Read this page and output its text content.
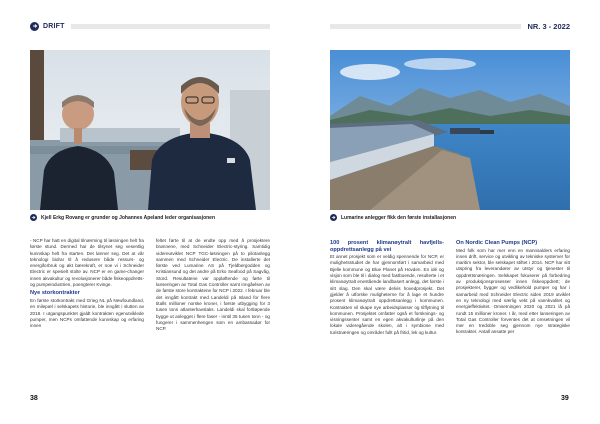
DRIFT
Kjell Erkg Rovang er grunder og Johannes Apeland leder organisasjonen

- NCP har hatt en digital tilnærming til løsningen helt fra første stund. Dermed har de tilsynet seg vesentlig kunnskap helt fra starten. Det lønner seg. Det at vår teknologi bidrar til å redusere både ressurs- og energiforbruk og økt bærekraft, er noe vi i Schneider Electric er spesielt stolte av. NCP er en game-changer innen akvakultur og revolusjonerer både fiskeoppdretts- og pumpeindustrien, poengterer Kvinge.

Nye storkontrakter

En første storkontrakt med Grieg NL på Newfoundland, en milepæl i selskapets historie, ble inngått i slutten av 2018. I utgangspunktet gjaldt kontrakten egenutviklede pumper, men NCPs omfattende kunnskap og erfaring innen

feltet førte til at de endte opp med å prosjektere brønnene, med Schneider Electric-styring. Samtidig videreutviklet NCP TGC-løsningen på to pilotanlegg sammen med Schneider Electric. De installerte det første ved Lumarine AS på Tjeldbergodden og Kristiansund og det andre på Erko Seafood på Sagvåg, Stord. Resultatene var oppløftende og førte til lanseringen av Total Gas Controller samt inngåelsen av de første store kontraktene for NCP i 2022. I februar ble det inngått kontrakt med Landeldi på Island for flere titalls millioner norske kroner, i første utbygging for 3 tusen tonn atlanterhavslaks. Landeldi skal fortløpende bygge ut anlegget i flere faser - inntil 35 tusen tonn - og fungerer i sammenhengen som en ambassadør for NCP.

38
NR. 3 - 2022
Lumarine anlegger fikk den første installasjonen
100 prosent klimanøytralt havfjells-oppdrettsanlegg på vei

Et annet prosjekt som er veldig spennende for NCP, er mulighetsstudiet de har gjennomført i samarbeid med Bjelle kommune og Blue Planet på Hovden. En idé og visjon som ble til i dialog med fastboende, resulterte i et klimanøytralt enestående landbasert anlegg, det første i sitt slag. Den skal være delvis hovedprosjekt. Det gjelder å utforske muligheterne for å lage et hundre prosent klimanøytralt oppdrettsanlegg i kommunen. Kontrakten vil skape nye arbeidsplasser og tilflytning til kommunen. Prosjektet omfatter også et forsknings- og visningssenter samt en egen akvakulturlinje på den lokale videregående skolen, alt i symbiose med turistnæringen og områder fullt på fritid, lek og kultur.

On Nordic Clean Pumps (NCP)

Med folk som har mer enn en mannsalders erfaring innen drift, service og utvikling av tekniske systemer for maritim sektor, ble selskapet stiftet i 2014. NCP har sitt utspring fra leverandører av utstyr og tjenester til oppdrettsnæringen. Selskapet fokuserer på forbedring av produksjonsprosesser innen fiskeoppdrett; de prosjekterer, bygger og vedlikehold pumper og har i samarbeid med Schneider Electric siden 2019 utviklet en ny teknologi med særlig vekt på vannkvalitet og energieffektivitet. Omsetningen 2020 og 2021 lå på rundt 15 millioner kroner. I år, med etter lanseringen av Total Gas Controller forventes det at omsetningen vil mer en tredoble seg gjennom nye strategiske kontrakter. Antall ansatte per

39
